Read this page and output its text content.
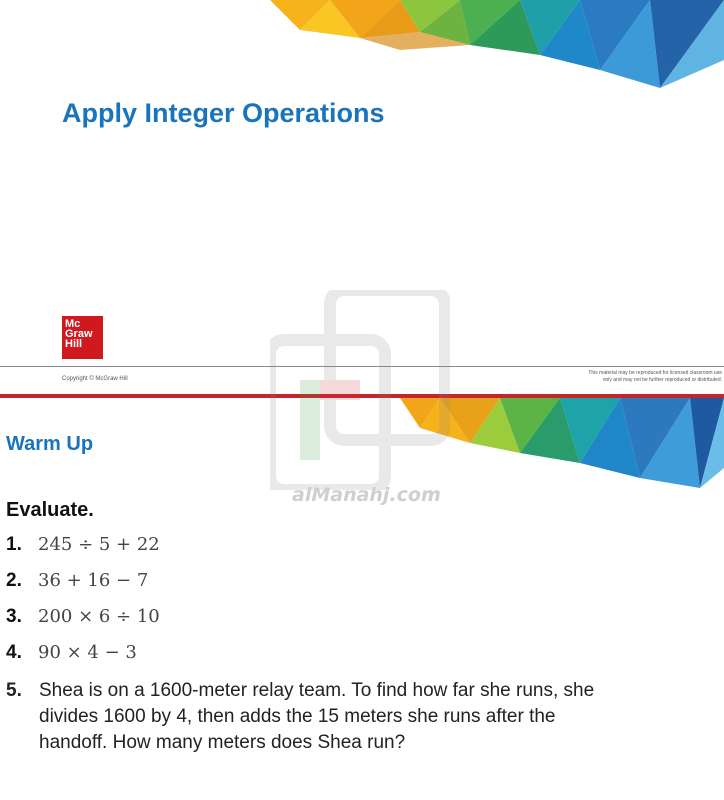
Apply Integer Operations
Mc
Graw
Hill
Copyright © McGraw Hill
This material may be reproduced for licensed classroom use
only and may not be further reproduced or distributed.
Warm Up
Evaluate.
1. 245 ÷ 5 + 22
2. 36 + 16 − 7
3. 200 × 6 ÷ 10
4. 90 × 4 − 3
5. Shea is on a 1600-meter relay team. To find how far she runs, she divides 1600 by 4, then adds the 15 meters she runs after the handoff. How many meters does Shea run?
alManahj.com
